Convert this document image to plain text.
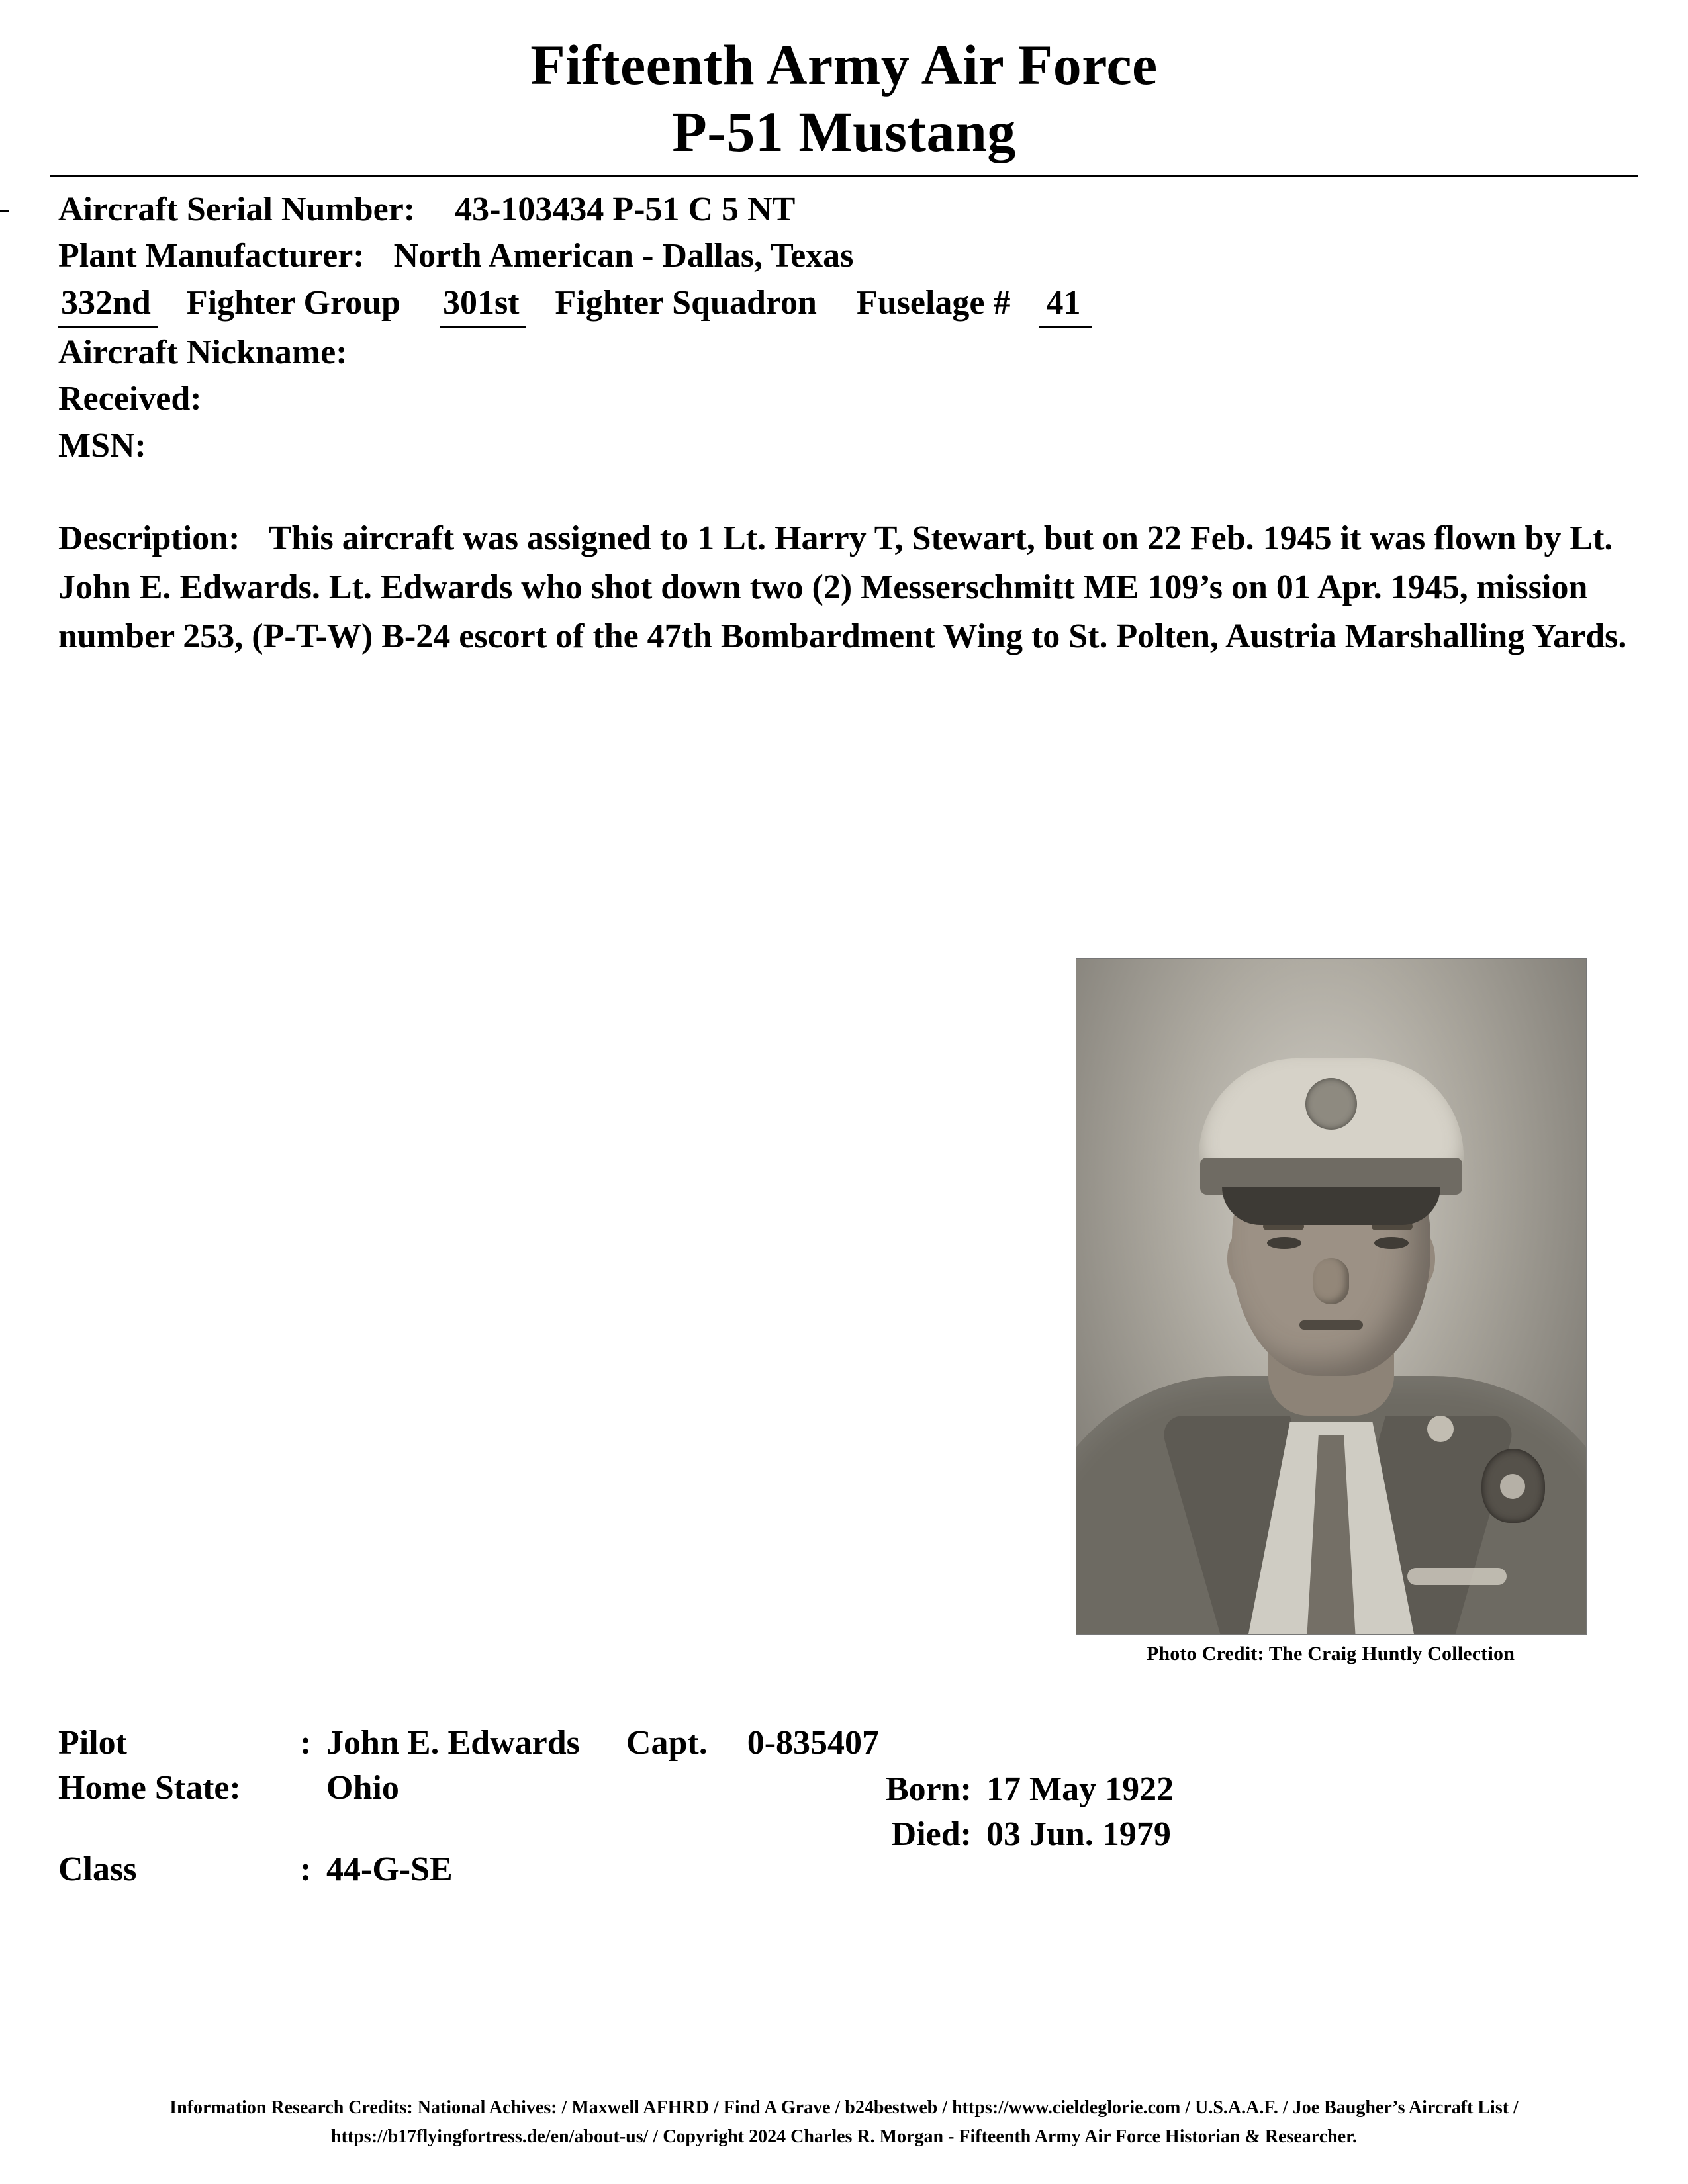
Fifteenth Army Air Force
P-51 Mustang
Aircraft Serial Number: 43-103434 P-51 C 5 NT
Plant Manufacturer: North American - Dallas, Texas
332nd Fighter Group 301st Fighter Squadron Fuselage # 41
Aircraft Nickname:
Received:
MSN:
Description: This aircraft was assigned to 1 Lt. Harry T, Stewart, but on 22 Feb. 1945 it was flown by Lt. John E. Edwards. Lt. Edwards who shot down two (2) Messerschmitt ME 109’s on 01 Apr. 1945, mission number 253, (P-T-W) B-24 escort of the 47th Bombardment Wing to St. Polten, Austria Marshalling Yards.
Photo Credit: The Craig Huntly Collection
Pilot	: John E. Edwards Capt. 0-835407
Home State:	Ohio
Class	: 44-G-SE
Born: 17 May 1922
Died: 03 Jun. 1979
Information Research Credits: National Achives: / Maxwell AFHRD / Find A Grave / b24bestweb / https://www.cieldeglorie.com / U.S.A.A.F. / Joe Baugher’s Aircraft List /
https://b17flyingfortress.de/en/about-us/ / Copyright 2024 Charles R. Morgan - Fifteenth Army Air Force Historian & Researcher.
